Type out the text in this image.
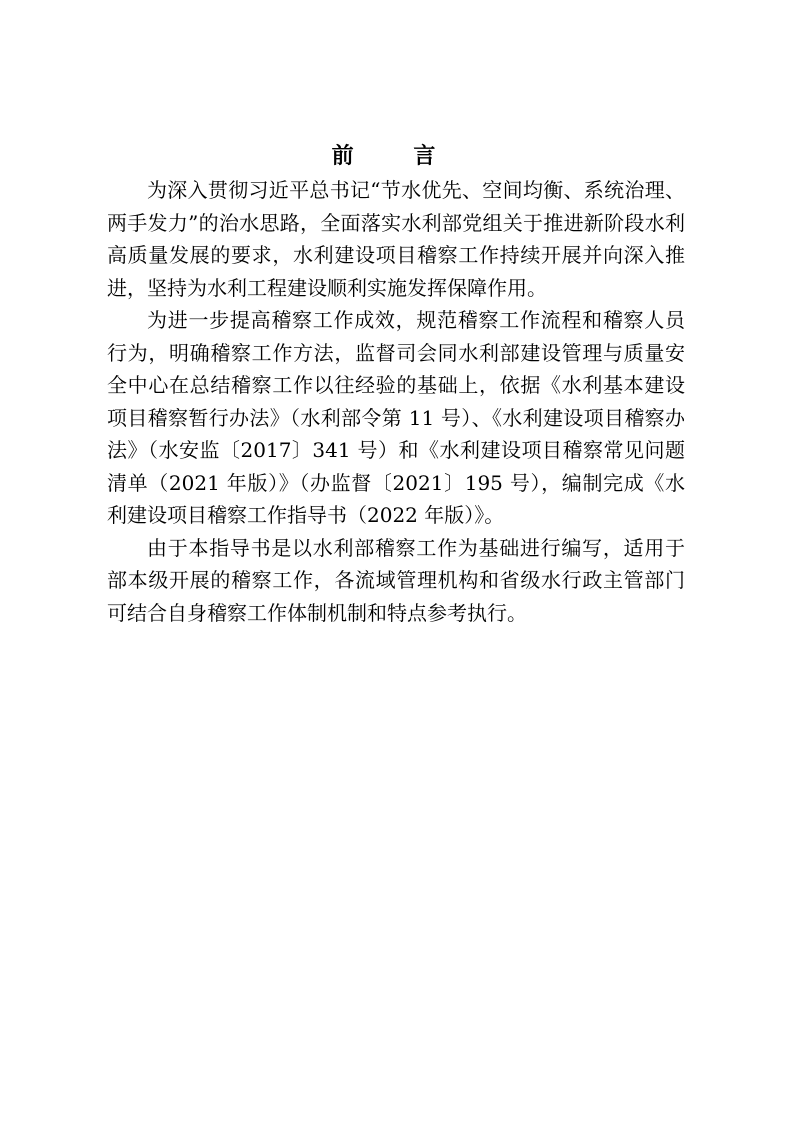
前 言

为深入贯彻习近平总书记“节水优先、空间均衡、系统治理、两手发力”的治水思路，全面落实水利部党组关于推进新阶段水利高质量发展的要求，水利建设项目稽察工作持续开展并向深入推进，坚持为水利工程建设顺利实施发挥保障作用。

为进一步提高稽察工作成效，规范稽察工作流程和稽察人员行为，明确稽察工作方法，监督司会同水利部建设管理与质量安全中心在总结稽察工作以往经验的基础上，依据《水利基本建设项目稽察暂行办法》（水利部令第 11 号）、《水利建设项目稽察办法》（水安监〔2017〕341 号）和《水利建设项目稽察常见问题清单（2021 年版）》（办监督〔2021〕195 号），编制完成《水利建设项目稽察工作指导书（2022 年版）》。

由于本指导书是以水利部稽察工作为基础进行编写，适用于部本级开展的稽察工作，各流域管理机构和省级水行政主管部门可结合自身稽察工作体制机制和特点参考执行。
